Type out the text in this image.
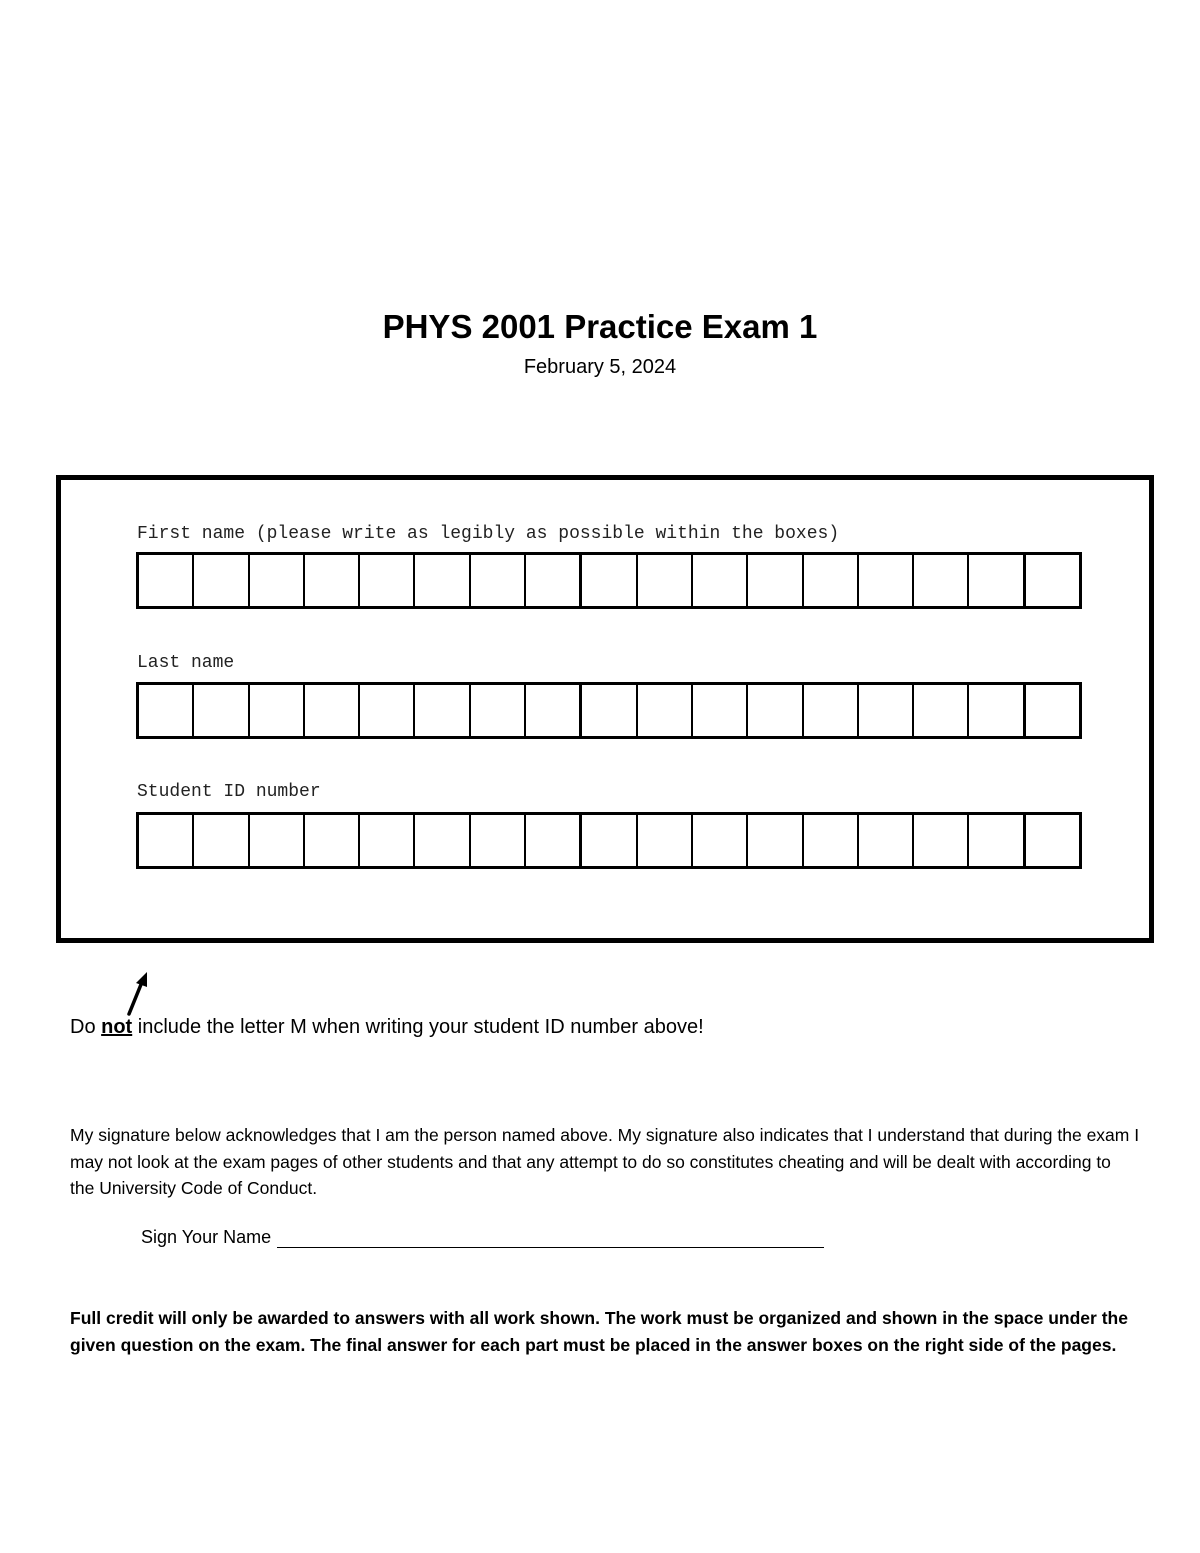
PHYS 2001 Practice Exam 1
February 5, 2024
First name (please write as legibly as possible within the boxes)
Last name
Student ID number
Do not include the letter M when writing your student ID number above!

My signature below acknowledges that I am the person named above. My signature also indicates that I understand that during the exam I may not look at the exam pages of other students and that any attempt to do so constitutes cheating and will be dealt with according to the University Code of Conduct.

Sign Your Name

Full credit will only be awarded to answers with all work shown. The work must be organized and shown in the space under the given question on the exam. The final answer for each part must be placed in the answer boxes on the right side of the pages.
